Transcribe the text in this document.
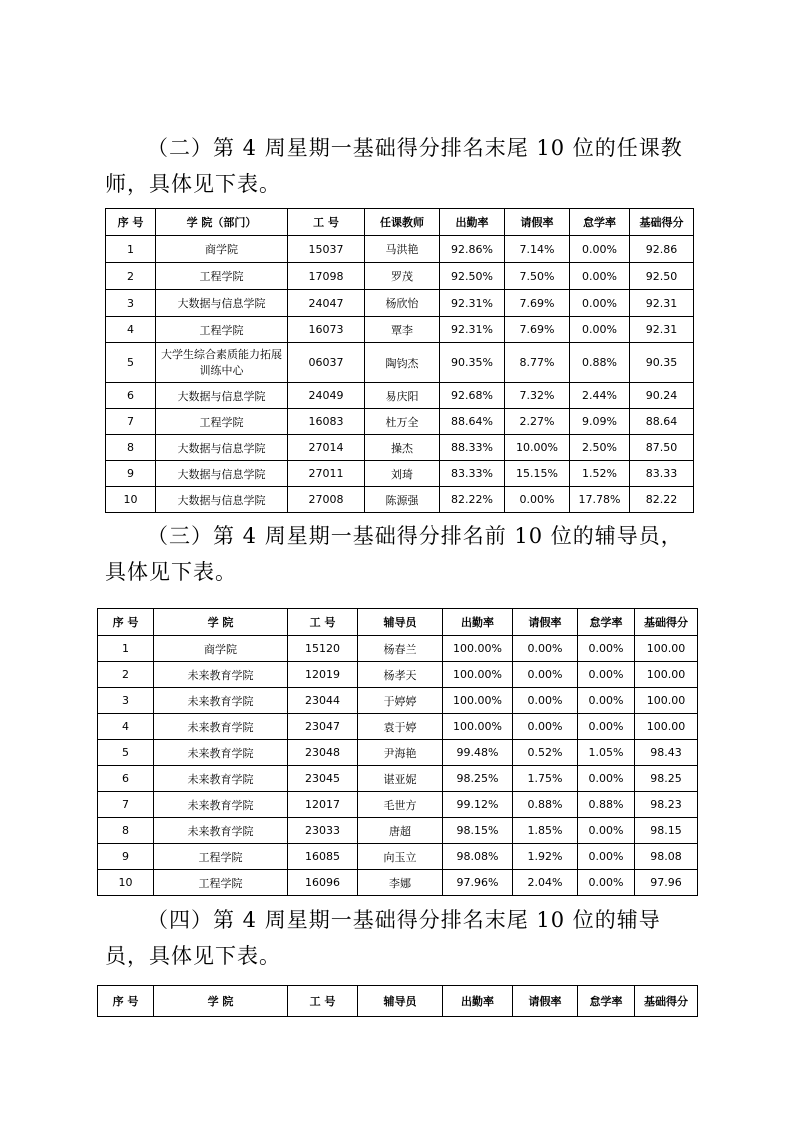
（二）第 4 周星期一基础得分排名末尾 10 位的任课教师，具体见下表。

序 号	学 院（部门）	工 号	任课教师	出勤率	请假率	怠学率	基础得分
1	商学院	15037	马洪艳	92.86%	7.14%	0.00%	92.86
2	工程学院	17098	罗茂	92.50%	7.50%	0.00%	92.50
3	大数据与信息学院	24047	杨欣怡	92.31%	7.69%	0.00%	92.31
4	工程学院	16073	覃李	92.31%	7.69%	0.00%	92.31
5	大学生综合素质能力拓展训练中心	06037	陶钧杰	90.35%	8.77%	0.88%	90.35
6	大数据与信息学院	24049	易庆阳	92.68%	7.32%	2.44%	90.24
7	工程学院	16083	杜万全	88.64%	2.27%	9.09%	88.64
8	大数据与信息学院	27014	操杰	88.33%	10.00%	2.50%	87.50
9	大数据与信息学院	27011	刘琦	83.33%	15.15%	1.52%	83.33
10	大数据与信息学院	27008	陈源强	82.22%	0.00%	17.78%	82.22

（三）第 4 周星期一基础得分排名前 10 位的辅导员，具体见下表。

序 号	学 院	工 号	辅导员	出勤率	请假率	怠学率	基础得分
1	商学院	15120	杨春兰	100.00%	0.00%	0.00%	100.00
2	未来教育学院	12019	杨孝天	100.00%	0.00%	0.00%	100.00
3	未来教育学院	23044	于婷婷	100.00%	0.00%	0.00%	100.00
4	未来教育学院	23047	袁于婷	100.00%	0.00%	0.00%	100.00
5	未来教育学院	23048	尹海艳	99.48%	0.52%	1.05%	98.43
6	未来教育学院	23045	谌亚妮	98.25%	1.75%	0.00%	98.25
7	未来教育学院	12017	毛世方	99.12%	0.88%	0.88%	98.23
8	未来教育学院	23033	唐超	98.15%	1.85%	0.00%	98.15
9	工程学院	16085	向玉立	98.08%	1.92%	0.00%	98.08
10	工程学院	16096	李娜	97.96%	2.04%	0.00%	97.96

（四）第 4 周星期一基础得分排名末尾 10 位的辅导员，具体见下表。

序 号	学 院	工 号	辅导员	出勤率	请假率	怠学率	基础得分
